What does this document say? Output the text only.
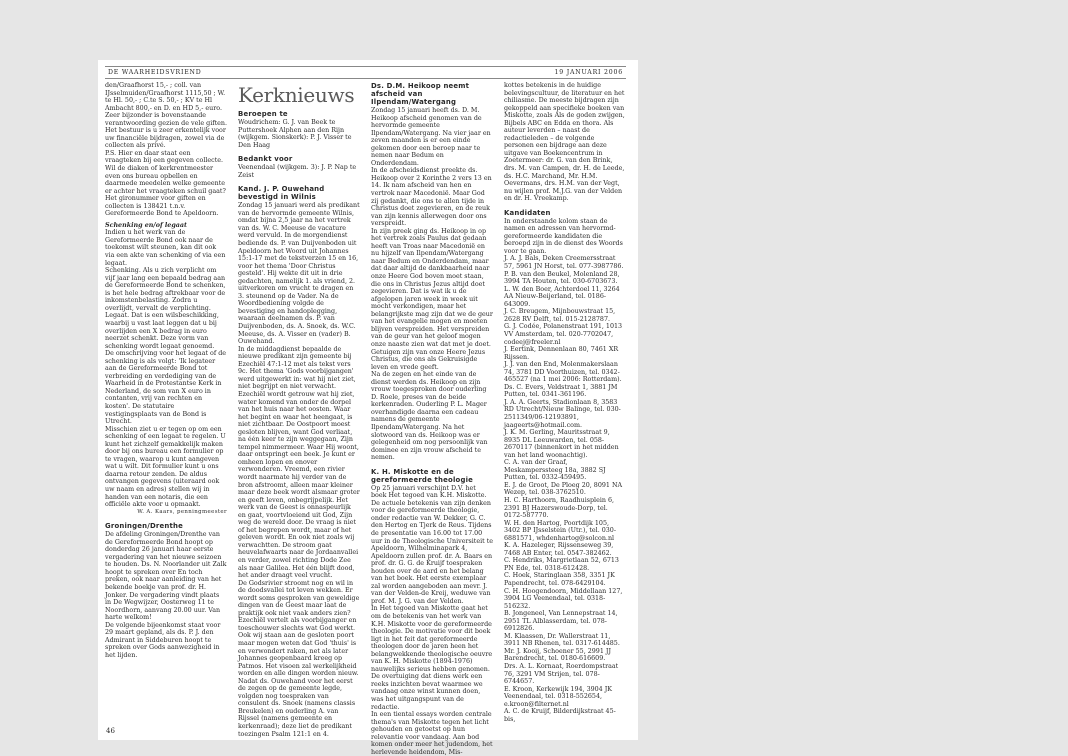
DE WAARHEIDSVRIEND	19 JANUARI 2006

den/Graafhorst 15,- ; coll. van IJsselmuiden/Graafhorst 1115,50 ; W. te Hl. 50,- ; C.te S. 50,- ; KV te Hl Ambacht 800,- en D. en HD 5,- euro.

Zeer bijzonder is bovenstaande verantwoording gezien de vele giften. Het bestuur is u zeer erkentelijk voor uw financiële bijdragen, zowel via de collecten als privé.

P.S. Hier en daar staat een vraagteken bij een gegeven collecte. Wil de diaken of kerkrentmeester even ons bureau opbellen en daarmede meedelen welke gemeente er achter het vraagteken schuil gaat?

Het gironummer voor giften en collecten is 138421 t.n.v. Gereformeerde Bond te Apeldoorn.

Schenking en/of legaat

Indien u het werk van de Gereformeerde Bond ook naar de toekomst wilt steunen, kan dit ook via een akte van schenking of via een legaat.

Schenking. Als u zich verplicht om vijf jaar lang een bepaald bedrag aan de Gereformeerde Bond te schenken, is het hele bedrag aftrekbaar voor de inkomstenbelasting. Zodra u overlijdt, vervalt de verplichting.

Legaat. Dat is een wilsbeschikking, waarbij u vast laat leggen dat u bij overlijden een X bedrag in euro neerzet schenkt. Deze vorm van schenking wordt legaat genoemd.

De omschrijving voor het legaat of de schenking is als volgt: 'Ik legateer aan de Gereformeerde Bond tot verbreiding en verdediging van de Waarheid in de Protestantse Kerk in Nederland, de som van X euro in contanten, vrij van rechten en kosten'. De statutaire vestigingsplaats van de Bond is Utrecht.

Misschien ziet u er tegen op om een schenking of een legaat te regelen. U kunt het zichzelf gemakkelijk maken door bij ons bureau een formulier op te vragen, waarop u kunt aangeven wat u wilt. Dit formulier kunt u ons daarna retour zenden. De aldus ontvangen gegevens (uiteraard ook uw naam en adres) stellen wij in handen van een notaris, die een officiële akte voor u opmaakt.

W. A. Kaars, penningmeester

Groningen/Drenthe

De afdeling Groningen/Drenthe van de Gereformeerde Bond hoopt op donderdag 26 januari haar eerste vergadering van het nieuwe seizoen te houden. Ds. N. Noorlander uit Zalk hoopt te spreken over En toch preken, ook naar aanleiding van het bekende boekje van prof. dr. H. Jonker. De vergadering vindt plaats in De Wegwijzer, Oosterweg 11 te Noordhorn, aanvang 20.00 uur. Van harte welkom!

De volgende bijeenkomst staat voor 29 maart gepland, als ds. P. J. den Admirant in Siddeburen hoopt te spreken over Gods aanwezigheid in het lijden.

Kerknieuws
Beroepen te

Woudrichem: G. J. van Beek te Puttershoek Alphen aan den Rijn (wijkgem. Sionskerk): P. J. Visser te Den Haag

Bedankt voor

Veenendaal (wijkgem. 3): J. P. Nap te Zeist

Kand. J. P. Ouwehand bevestigd in Wilnis

Zondag 15 januari werd als predikant van de hervormde gemeente Wilnis, omdat bijna 2,5 jaar na het vertrek van ds. W. C. Meeuse de vacature werd vervuld. In de morgendienst bediende ds. P. van Duijvenboden uit Apeldoorn het Woord uit Johannes 15:1-17 met de tekstverzen 15 en 16, voor het thema 'Door Christus gesteld'. Hij wekte dit uit in drie gedachten, namelijk 1. als vriend, 2. uitverkoren om vrucht te dragen en 3. steunend op de Vader. Na de Woordbediening volgde de bevestiging en handoplegging, waaraan deelnamen ds. P. van Duijvenboden, ds. A. Snoek, ds. W.C. Meeuse, ds. A. Visser en (vader) B. Ouwehand.

In de middagdienst bepaalde de nieuwe predikant zijn gemeente bij Ezechiël 47:1-12 met als tekst vers 9c. Het thema 'Gods voorbijgangen' werd uitgewerkt in: wat hij niet ziet, niet begrijpt en niet verwacht. Ezechiël wordt getrouw wat hij ziet, water komend van onder de dorpel van het huis naar het oosten. Waar het begint en waar het heengaat, is niet zichtbaar. De Oostpoort moest gesloten blijven, want God verliaat, na één keer te zijn weggegaan, Zijn tempel nimmermeer. Waar Hij woont, daar ontspringt een beek. Je kunt er omheen lopen en enover verwonderen. Vreemd, een rivier wordt naarmate hij verder van de bron afstroomt, alleen maar kleiner maar deze beek wordt alsmaar groter en geeft leven, onbegrijpelijk. Het werk van de Geest is onnaspeurlijk en gaat, voortvloeiend uit God, Zijn weg de wereld door. De vraag is niet of het begrepen wordt, maar of het geleven wordt. En ook niet zoals wij verwachtten. De stroom gaat heuvelafwaarts naar de Jordaanvallei en verder, zowel richting Dode Zee als naar Galilea. Het één blijft dood, het ander draagt veel vrucht.

De Godsrivier stroomt nog en wil in de doodsvallei tot leven wekken. Er wordt soms gesproken van geweldige dingen van de Geest maar laat de praktijk ook niet vaak anders zien? Ezechiël vertelt als voorbijganger en toeschouwer slechts wat God werkt. Ook wij staan aan de gesloten poort maar mogen weten dat God 'thuis' is en verwondert raken, net als later Johannes geopenbaard kreeg op Patmos. Het visoen zal werkelijkheid worden en alle dingen worden nieuw. Nadat ds. Ouwehand voor het eerst de zegen op de gemeente legde, volgden nog toespraken van consulent ds. Snoek (namens classis Breukelen) en ouderling A. van Rijssel (namens gemeente en kerkenraad); deze liet de predikant toezingen Psalm 121:1 en 4.

Ds. D.M. Heikoop neemt afscheid van Ilpendam/Watergang

Zondag 15 januari heeft ds. D. M. Heikoop afscheid genomen van de hervormde gemeente Ilpendam/Watergang. Na vier jaar en zeven maanden is er een einde gekomen door een beroep naar te nemen naar Bedum en Onderdendam.

In de afscheidsdienst preekte ds. Heikoop over 2 Korinthe 2 vers 13 en 14. Ik nam afscheid van hen en vertrok naar Macedonië. Maar God zij gedankt, die ons te allen tijde in Christus doet zegevieren, en de reuk van zijn kennis allerwegen door ons verspreidt.

In zijn preek ging ds. Heikoop in op het vertrek zoals Paulus dat gedaan heeft van Troas naar Macedonië en nu hijzelf van Ilpendam/Watergang naar Bedum en Onderdendam, maar dat daar altijd de dankbaarheid naar onze Heere God boven moet staan, die ons in Christus Jezus altijd doet zegevieren. Dat is wat ik u de afgelopen jaren week in week uit mocht verkondigen, maar het belangrijkste mag zijn dat we de geur van het evangelie mogen en moeten blijven verspreiden. Het verspreiden van de geur van het geloof mogen onze naaste zien wat dat met je doet. Getuigen zijn van onze Heere Jezus Christus, die ons als Gekruisigde leven en vrede geeft.

Na de zegen en het einde van de dienst werden ds. Heikoop en zijn vrouw toegesproken door ouderling D. Roele, preses van de beide kerkenraden. Ouderling P. L. Mager overhandigde daarna een cadeau namens de gemeente Ilpendam/Watergang. Na het slotwoord van ds. Heikoop was er gelegenheid om nog persoonlijk van dominee en zijn vrouw afscheid te nemen.

K. H. Miskotte en de gereformeerde theologie

Op 25 januari verschijnt D.V. het boek Het tegoed van K.H. Miskotte. De actuele betekenis van zijn denken voor de gereformeerde theologie, onder redactie van W. Dekker, G. C. den Hertog en Tjerk de Reus. Tijdens de presentatie van 16.00 tot 17.00 uur in de Theologische Universiteit te Apeldoorn, Wilhelminapark 4, Apeldoorn zullen prof. dr. A. Baars en prof. dr. G. G. de Kruijf toespraken houden over de aard en het belang van het boek. Het eerste exemplaar zal worden aangeboden aan mevr. J. van der Velden-de Kreij, weduwe van prof. M. J. G. van der Velden.

In Het tegoed van Miskotte gaat het om de betekenis van het werk van K.H. Miskotte voor de gereformeerde theologie. De motivatie voor dit boek ligt in het feit dat gereformeerde theologen door de jaren heen het belangwekkende theologische oeuvre van K. H. Miskotte (1894-1976) nauwelijks serieus hebben genomen. De overtuiging dat diens werk een reeks inzichten bevat waarmee we vandaag onze winst kunnen doen, was het uitgangspunt van de redactie.

In een tiental essays worden centrale thema's van Miskotte tegen het licht gehouden en getoetst op hun relevantie voor vandaag. Aan bod komen onder meer het judendom, het herlevende heidendom, Mis-

kottes betekenis in de huidige belevingscultuur, de literatuur en het chiliasme. De meeste bijdragen zijn gekoppeld aan specifieke boeken van Miskotte, zoals Als de goden zwijgen, Bijbels ABC en Edda en thora. Als auteur leverden – naast de redactieleden – de volgende personen een bijdrage aan deze uitgave van Boekencentrum in Zoetermeer: dr. G. van den Brink, drs. M. van Campen, dr. H. de Leede, ds. H.C. Marchand, Mr. H.M. Oevermans, drs. H.M. van der Vegt, nu wijlen prof. M.J.G. van der Velden en dr. H. Vreekamp.

Kandidaten

In onderstaande kolom staan de namen en adressen van hervormd-gereformeerde kandidaten die beroepd zijn in de dienst des Woords voor te gaan.

J. A. J. Bals, Deken Creemersstraat 57, 5961 JN Horst, tel. 077-3987786.

P. B. van den Beukel, Molenland 28, 3994 TA Houten, tel. 030-6703673.

L. W. den Boer, Achterdoel 11, 3264 AA Nieuw-Beijerland, tel. 0186-643009.

J. C. Breugem, Mijnbouwstraat 15, 2628 RV Delft, tel. 015-2128787.

G. J. Codée, Polanenstraat 191, 1013 VV Amsterdam, tel. 020-7702047, codeej@freeler.nl

J. Eertink, Dennenlaan 80, 7461 XR Rijssen.

J. J. van den End, Molenmakerslaan 74, 3781 DD Voorthuizen, tel. 0342-465527 (na 1 mei 2006: Rotterdam).

Ds. C. Evers, Veldstraat 1, 3881 JM Putten, tel. 0341-361196.

J. A. A. Geerts, Stadionlaan 8, 3583 RD Utrecht/Nieuw Balinge, tel. 030-2511349/06-12193891, jaageerts@hotmail.com.

J. K. M. Gerling, Mauritsstraat 9, 8935 DL Leeuwarden, tel. 058-2670117 (binnenkort in het midden van het land woonachtig).

C. A. van der Graaf, Meskamperssteeg 18a, 3882 SJ Putten, tel. 0332-459495.

E. J. de Groot, De Ploeg 20, 8091 NA Wezep, tel. 038-3762510.

H. C. Harthoorn, Raadhuisplein 6, 2391 BJ Hazerswoude-Dorp, tel. 0172-587770.

W. H. den Hartog, Poortdijk 105, 3402 BP IJsselstein (Utr.), tel. 030-6881571, whdenhartog@solcon.nl

K. A. Hazeleger, Rijssenseweg 39, 7468 AB Enter, tel. 0547-382462.

C. Hendriks, Margrietlaan 52, 6713 PN Ede, tel. 0318-612428.

C. Hoek, Staringlaan 358, 3351 JK Papendrecht, tel. 078-6429104.

C. H. Hoogendoorn, Middellaan 127, 3904 LG Veenendaal, tel. 0318-516232.

B. Jongeneel, Van Lennepstraat 14, 2951 TL Alblasserdam, tel. 078-6912826.

M. Klaassen, Dr. Wallerstraat 11, 3911 NB Rhenen, tel. 0317-614485.

Mr. J. Kooij, Schoener 55, 2991 JJ Barendrecht, tel. 0180-616609.

Drs. A. L. Kornaat, Roerdompstraat 76, 3291 VM Strijen, tel. 078-6744657.

E. Kroon, Kerkewijk 194, 3904 JK Veenendaal, tel. 0318-552654, e.kroon@filternet.nl

A. C. de Kruijf, Bilderdijkstraat 45-bis,

46
